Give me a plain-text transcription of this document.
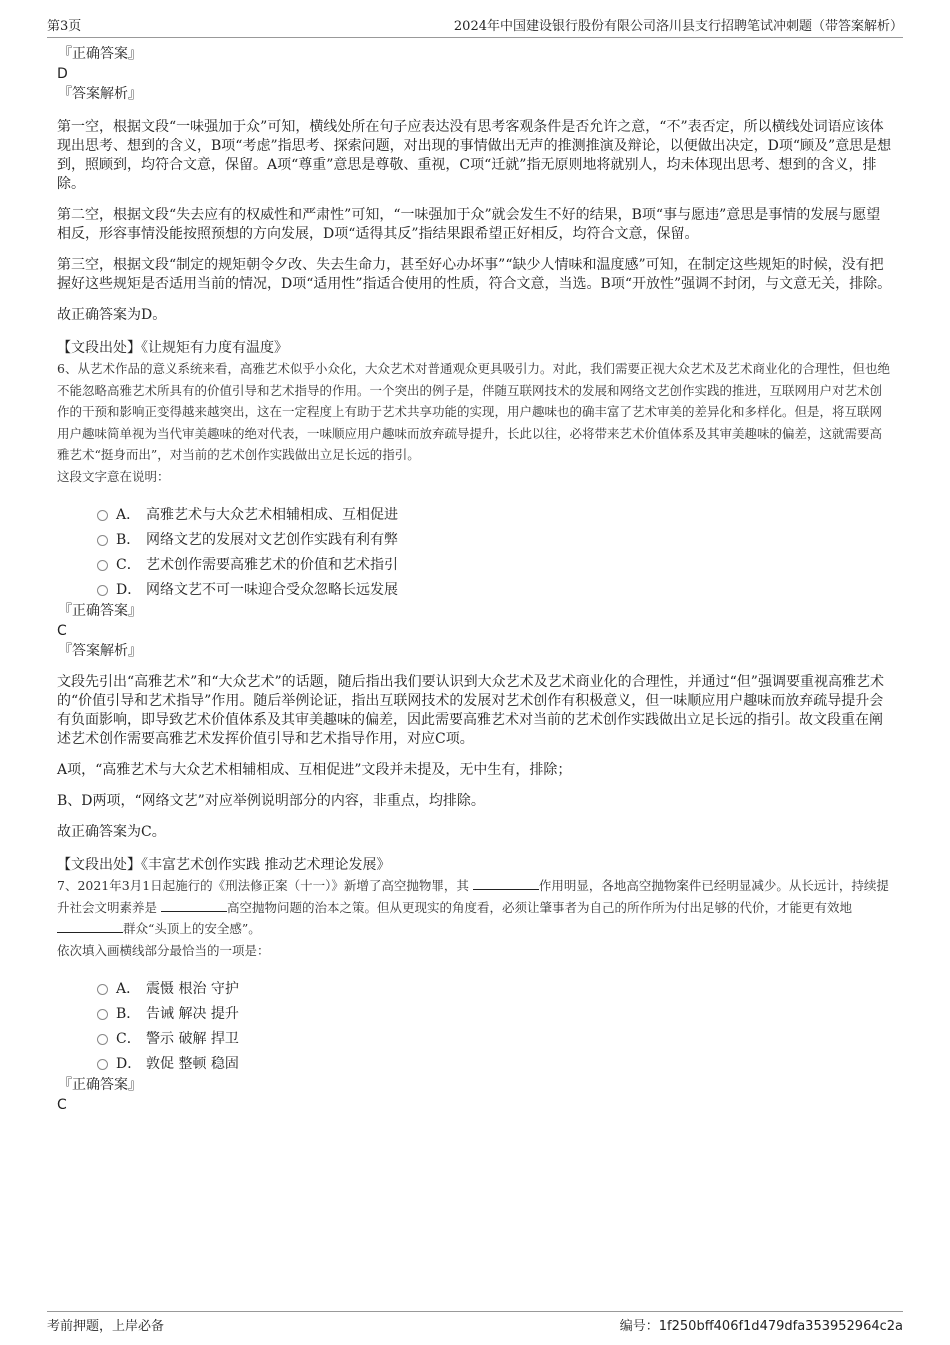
第3页	2024年中国建设银行股份有限公司洛川县支行招聘笔试冲刺题（带答案解析）
『正确答案』
D
『答案解析』

第一空，根据文段“一味强加于众”可知，横线处所在句子应表达没有思考客观条件是否允许之意，“不”表否定，所以横线处词语应该体现出思考、想到的含义，B项“考虑”指思考、探索问题，对出现的事情做出无声的推测推演及辩论，以便做出决定，D项“顾及”意思是想到，照顾到，均符合文意，保留。A项“尊重”意思是尊敬、重视，C项“迁就”指无原则地将就别人，均未体现出思考、想到的含义，排除。

第二空，根据文段“失去应有的权威性和严肃性”可知，“一味强加于众”就会发生不好的结果，B项“事与愿违”意思是事情的发展与愿望相反，形容事情没能按照预想的方向发展，D项“适得其反”指结果跟希望正好相反，均符合文意，保留。

第三空，根据文段“制定的规矩朝令夕改、失去生命力，甚至好心办坏事”“缺少人情味和温度感”可知，在制定这些规矩的时候，没有把握好这些规矩是否适用当前的情况，D项“适用性”指适合使用的性质，符合文意，当选。B项“开放性”强调不封闭，与文意无关，排除。

故正确答案为D。

【文段出处】《让规矩有力度有温度》

6、从艺术作品的意义系统来看，高雅艺术似乎小众化，大众艺术对普通观众更具吸引力。对此，我们需要正视大众艺术及艺术商业化的合理性，但也绝不能忽略高雅艺术所具有的价值引导和艺术指导的作用。一个突出的例子是，伴随互联网技术的发展和网络文艺创作实践的推进，互联网用户对艺术创作的干预和影响正变得越来越突出，这在一定程度上有助于艺术共享功能的实现，用户趣味也的确丰富了艺术审美的差异化和多样化。但是，将互联网用户趣味简单视为当代审美趣味的绝对代表，一味顺应用户趣味而放弃疏导提升，长此以往，必将带来艺术价值体系及其审美趣味的偏差，这就需要高雅艺术“挺身而出”，对当前的艺术创作实践做出立足长远的指引。

这段文字意在说明：

A． 高雅艺术与大众艺术相辅相成、互相促进
B． 网络文艺的发展对文艺创作实践有利有弊
C． 艺术创作需要高雅艺术的价值和艺术指引
D． 网络文艺不可一味迎合受众忽略长远发展
『正确答案』
C
『答案解析』

文段先引出“高雅艺术”和“大众艺术”的话题，随后指出我们要认识到大众艺术及艺术商业化的合理性，并通过“但”强调要重视高雅艺术的“价值引导和艺术指导”作用。随后举例论证，指出互联网技术的发展对艺术创作有积极意义，但一味顺应用户趣味而放弃疏导提升会有负面影响，即导致艺术价值体系及其审美趣味的偏差，因此需要高雅艺术对当前的艺术创作实践做出立足长远的指引。故文段重在阐述艺术创作需要高雅艺术发挥价值引导和艺术指导作用，对应C项。

A项，“高雅艺术与大众艺术相辅相成、互相促进”文段并未提及，无中生有，排除；

B、D两项，“网络文艺”对应举例说明部分的内容，非重点，均排除。

故正确答案为C。

【文段出处】《丰富艺术创作实践 推动艺术理论发展》

7、2021年3月1日起施行的《刑法修正案（十一）》新增了高空抛物罪，其	作用明显，各地高空抛物案件已经明显减少。从长远计，持续提升社会文明素养是	高空抛物问题的治本之策。但从更现实的角度看，必须让肇事者为自己的所作所为付出足够的代价，才能更有效地 群众“头顶上的安全感”。

依次填入画横线部分最恰当的一项是：

A． 震慑 根治 守护
B． 告诫 解决 提升
C． 警示 破解 捍卫
D． 敦促 整顿 稳固
『正确答案』
C
考前押题，上岸必备	编号：1f250bff406f1d479dfa353952964c2a
